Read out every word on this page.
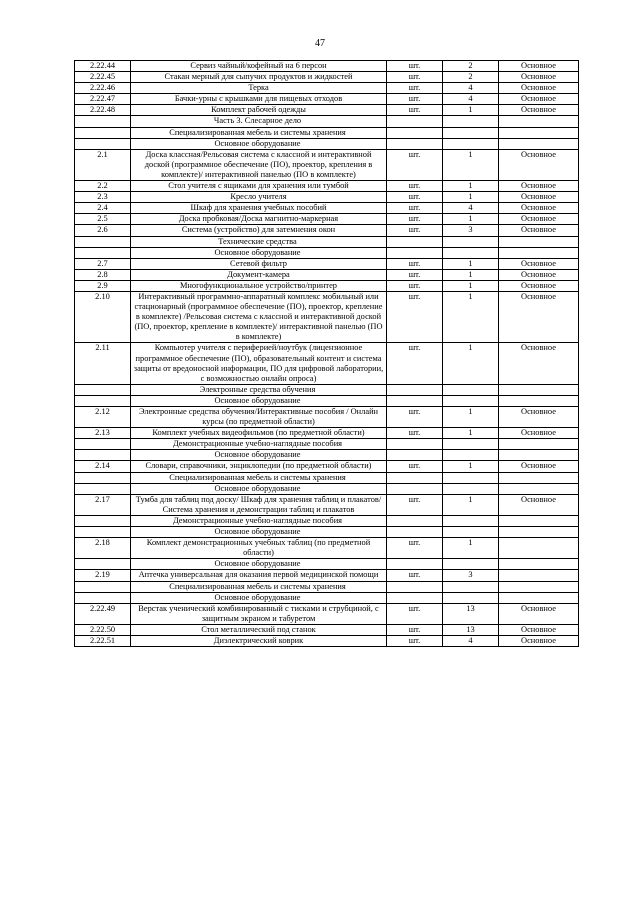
47
2.22.44	Сервиз чайный/кофейный на 6 персон	шт.	2	Основное
2.22.45	Стакан мерный для сыпучих продуктов и жидкостей	шт.	2	Основное
2.22.46	Терка	шт.	4	Основное
2.22.47	Бачки-урны с крышками для пищевых отходов	шт.	4	Основное
2.22.48	Комплект рабочей одежды	шт.	1	Основное
	Часть 3. Слесарное дело			
	Специализированная мебель и системы хранения			
	Основное оборудование			
2.1	Доска классная/Рельсовая система с классной и интерактивной доской (программное обеспечение (ПО), проектор, крепления в комплекте)/ интерактивной панелью (ПО в комплекте)	шт.	1	Основное
2.2	Стол учителя с ящиками для хранения или тумбой	шт.	1	Основное
2.3	Кресло учителя	шт.	1	Основное
2.4	Шкаф для хранения учебных пособий	шт.	4	Основное
2.5	Доска пробковая/Доска магнитно-маркерная	шт.	1	Основное
2.6	Система (устройство) для затемнения окон	шт.	3	Основное
	Технические средства			
	Основное оборудование			
2.7	Сетевой фильтр	шт.	1	Основное
2.8	Документ-камера	шт.	1	Основное
2.9	Многофункциональное устройство/принтер	шт.	1	Основное
2.10	Интерактивный программно-аппаратный комплекс мобильный или стационарный (программное обеспечение (ПО), проектор, крепление в комплекте) /Рельсовая система с классной и интерактивной доской (ПО, проектор, крепление в комплекте)/ интерактивной панелью (ПО в комплекте)	шт.	1	Основное
2.11	Компьютер учителя с периферией/ноутбук (лицензионное программное обеспечение (ПО), образовательный контент и система защиты от вредоносной информации, ПО для цифровой лаборатории, с возможностью онлайн опроса)	шт.	1	Основное
	Электронные средства обучения			
	Основное оборудование			
2.12	Электронные средства обучения/Интерактивные пособия / Онлайн курсы (по предметной области)	шт.	1	Основное
2.13	Комплект учебных видеофильмов (по предметной области)	шт.	1	Основное
	Демонстрационные учебно-наглядные пособия			
	Основное оборудование			
2.14	Словари, справочники, энциклопедии (по предметной области)	шт.	1	Основное
	Специализированная мебель и системы хранения			
	Основное оборудование			
2.17	Тумба для таблиц под доску/ Шкаф для хранения таблиц и плакатов/Система хранения и демонстрации таблиц и плакатов	шт.	1	Основное
	Демонстрационные учебно-наглядные пособия			
	Основное оборудование			
2.18	Комплект демонстрационных учебных таблиц (по предметной области)	шт.	1	
	Основное оборудование			
2.19	Аптечка универсальная для оказания первой медицинской помощи	шт.	3	
	Специализированная мебель и системы хранения			
	Основное оборудование			
2.22.49	Верстак ученический комбинированный с тисками и струбциной, с защитным экраном и табуретом	шт.	13	Основное
2.22.50	Стол металлический под станок	шт.	13	Основное
2.22.51	Диэлектрический коврик	шт.	4	Основное
